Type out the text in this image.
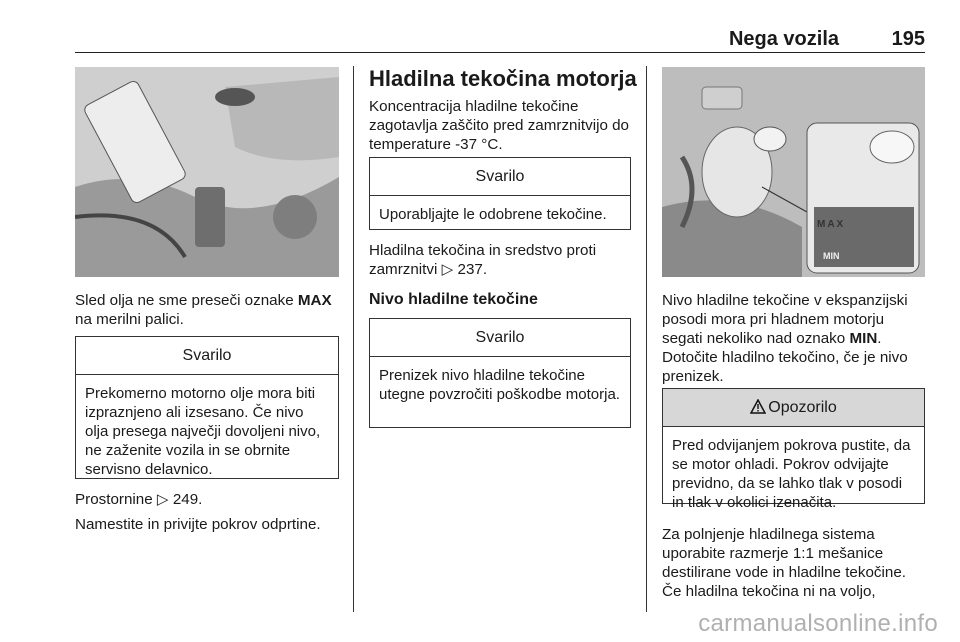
Nega vozila	195

Sled olja ne sme preseči oznake MAX na merilni palici.

Svarilo
Prekomerno motorno olje mora biti izpraznjeno ali izsesano. Če nivo olja presega največji dovoljeni nivo, ne zaženite vozila in se obrnite servisno delavnico.

Prostornine ▷ 249.

Namestite in privijte pokrov odprtine.

Hladilna tekočina motorja

Koncentracija hladilne tekočine zagotavlja zaščito pred zamrznitvijo do temperature -37 °C.

Svarilo
Uporabljajte le odobrene tekočine.

Hladilna tekočina in sredstvo proti zamrznitvi ▷ 237.

Nivo hladilne tekočine
Svarilo
Prenizek nivo hladilne tekočine utegne povzročiti poškodbe motorja.
MAX
MIN

Nivo hladilne tekočine v ekspanzijski posodi mora pri hladnem motorju segati nekoliko nad oznako MIN. Dotočite hladilno tekočino, če je nivo prenizek.

Opozorilo
Pred odvijanjem pokrova pustite, da se motor ohladi. Pokrov odvijajte previdno, da se lahko tlak v posodi in tlak v okolici izenačita.

Za polnjenje hladilnega sistema uporabite razmerje 1:1 mešanice destilirane vode in hladilne tekočine. Če hladilna tekočina ni na voljo,

carmanualsonline.info
